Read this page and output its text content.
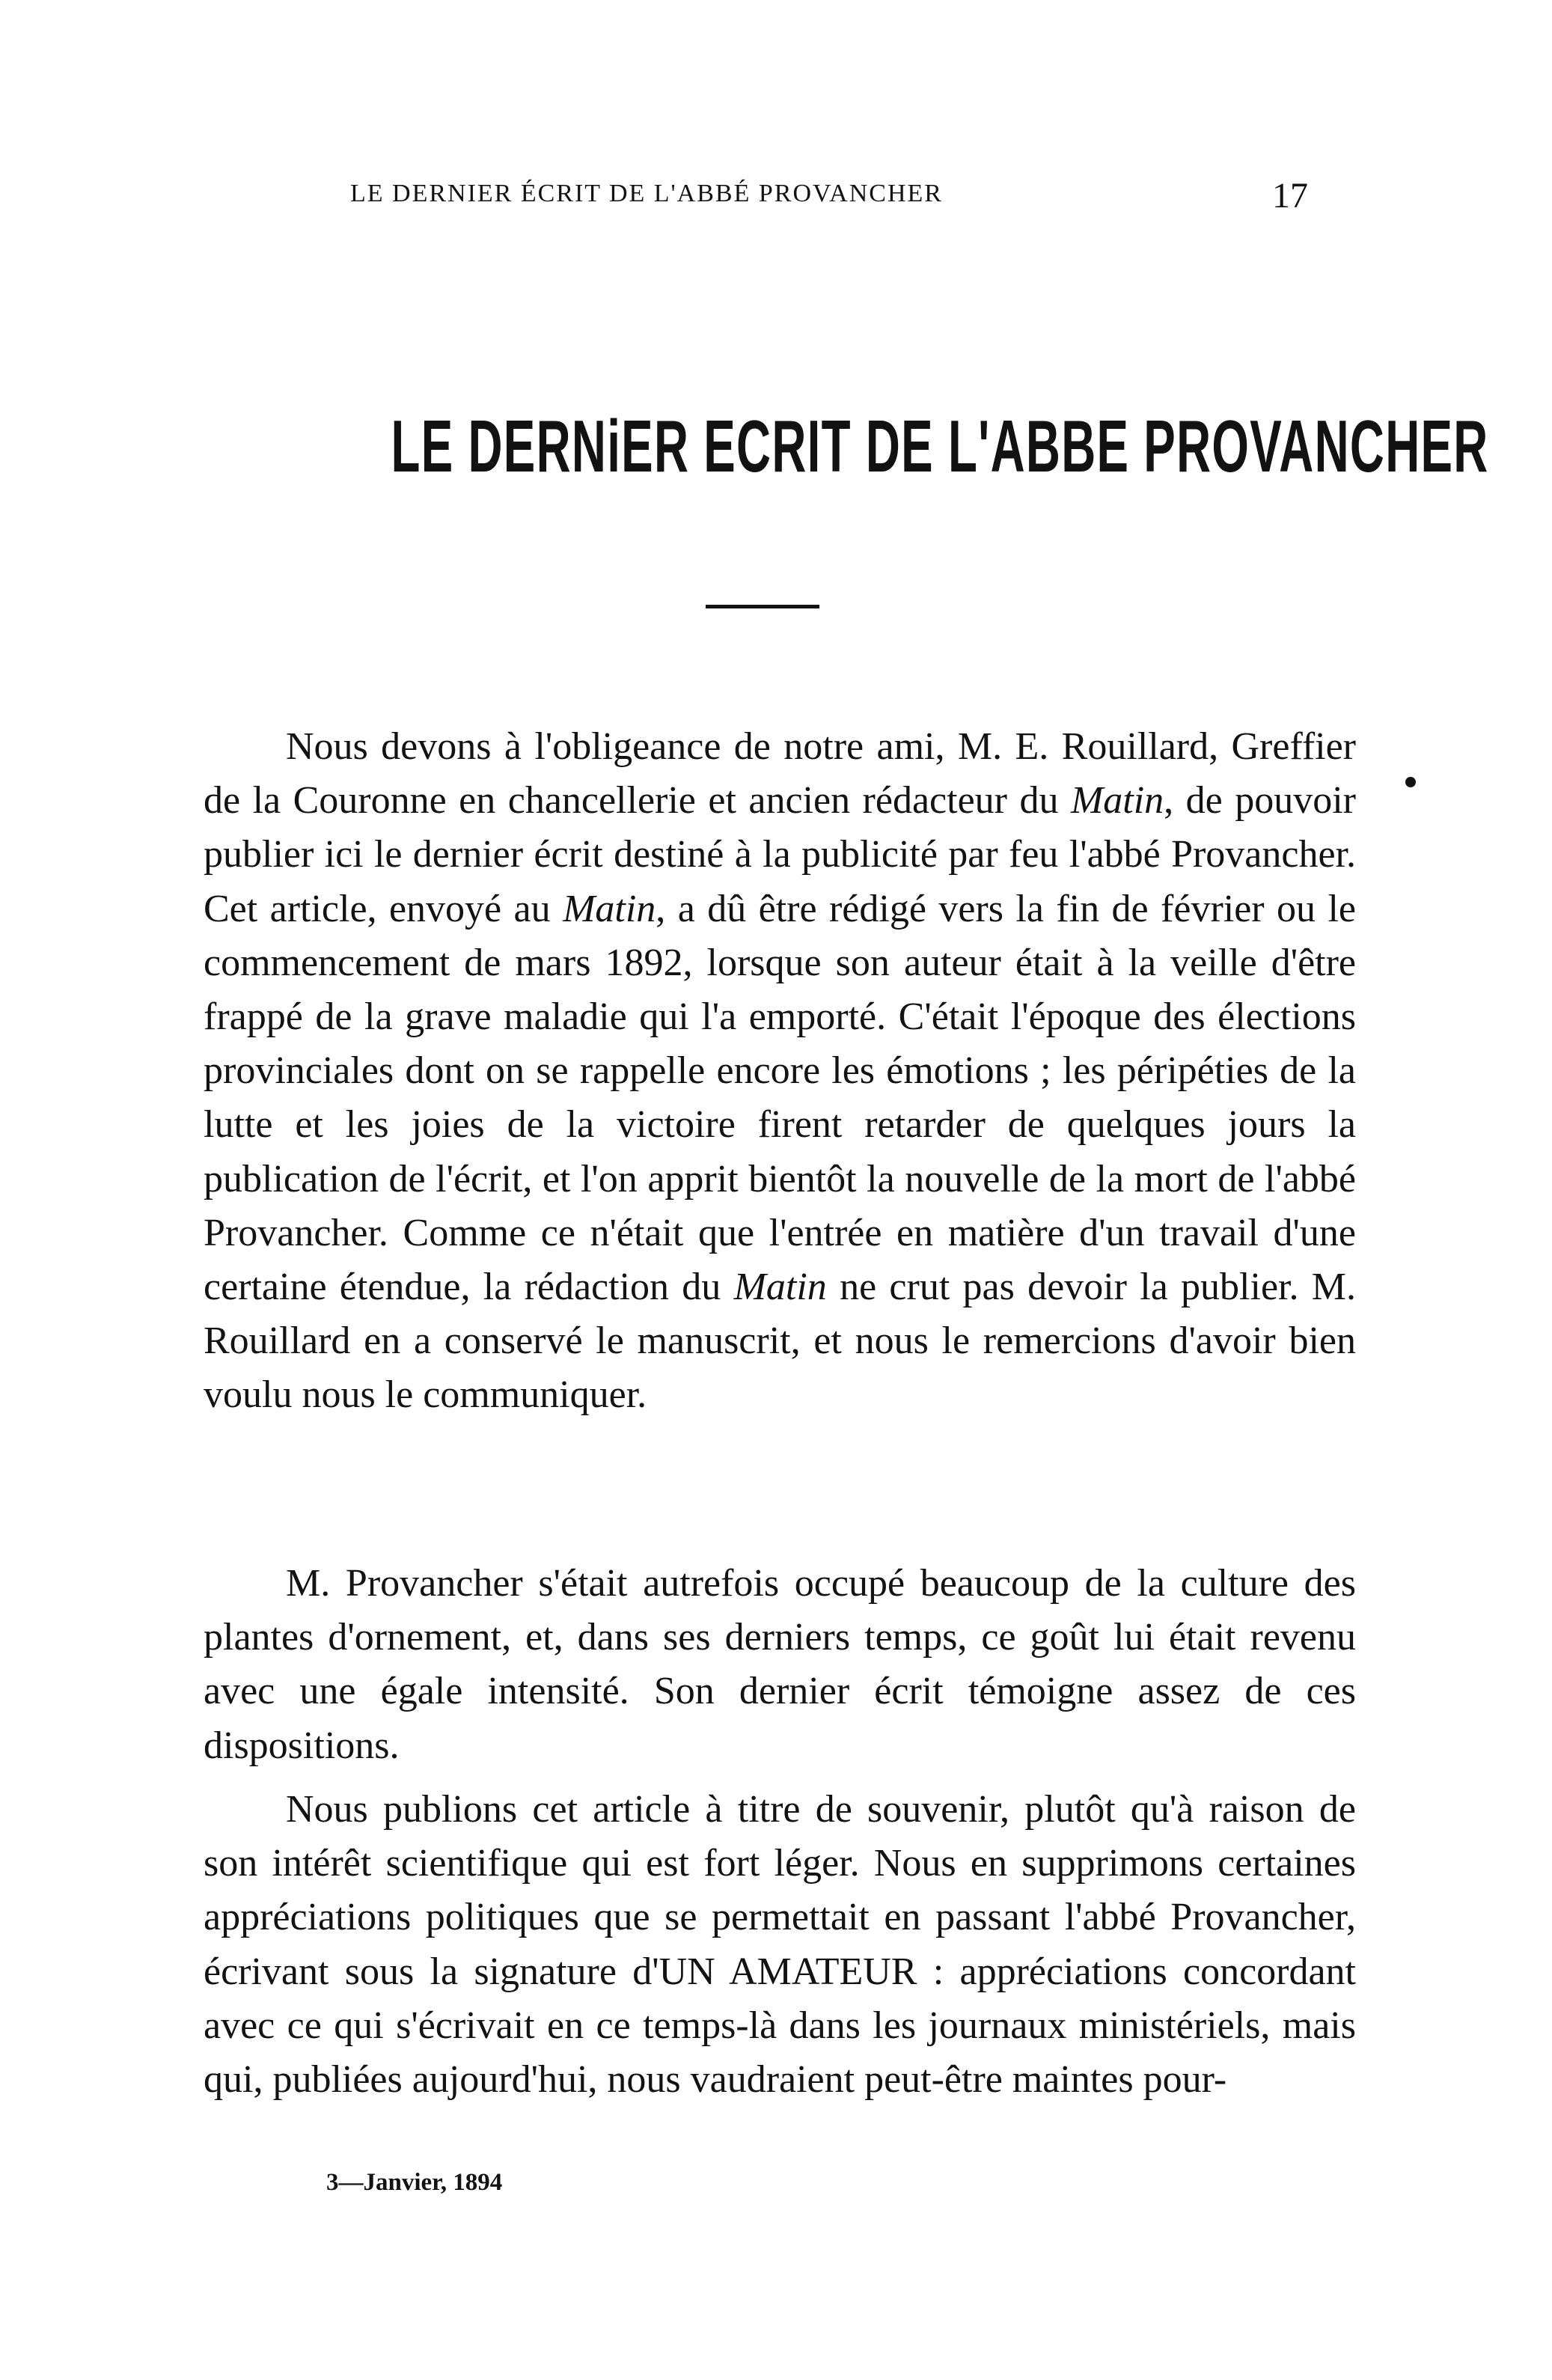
LE DERNIER ÉCRIT DE L'ABBÉ PROVANCHER	17
LE DERNiER ECRIT DE L'ABBE PROVANCHER

Nous devons à l'obligeance de notre ami, M. E. Rouillard, Greffier de la Couronne en chancellerie et ancien rédacteur du Matin, de pouvoir publier ici le dernier écrit destiné à la publicité par feu l'abbé Provancher. Cet article, envoyé au Matin, a dû être rédigé vers la fin de février ou le commencement de mars 1892, lorsque son auteur était à la veille d'être frappé de la grave maladie qui l'a emporté. C'était l'époque des élections provinciales dont on se rappelle encore les émotions ; les péripéties de la lutte et les joies de la victoire firent retarder de quelques jours la publication de l'écrit, et l'on apprit bientôt la nouvelle de la mort de l'abbé Provancher. Comme ce n'était que l'entrée en matière d'un travail d'une certaine étendue, la rédaction du Matin ne crut pas devoir la publier. M. Rouillard en a conservé le manuscrit, et nous le remercions d'avoir bien voulu nous le communiquer.

M. Provancher s'était autrefois occupé beaucoup de la culture des plantes d'ornement, et, dans ses derniers temps, ce goût lui était revenu avec une égale intensité. Son dernier écrit témoigne assez de ces dispositions.

Nous publions cet article à titre de souvenir, plutôt qu'à raison de son intérêt scientifique qui est fort léger. Nous en supprimons certaines appréciations politiques que se permettait en passant l'abbé Provancher, écrivant sous la signature d'UN AMATEUR : appréciations concordant avec ce qui s'écrivait en ce temps-là dans les journaux ministériels, mais qui, publiées aujourd'hui, nous vaudraient peut-être maintes pour-

3—Janvier, 1894
